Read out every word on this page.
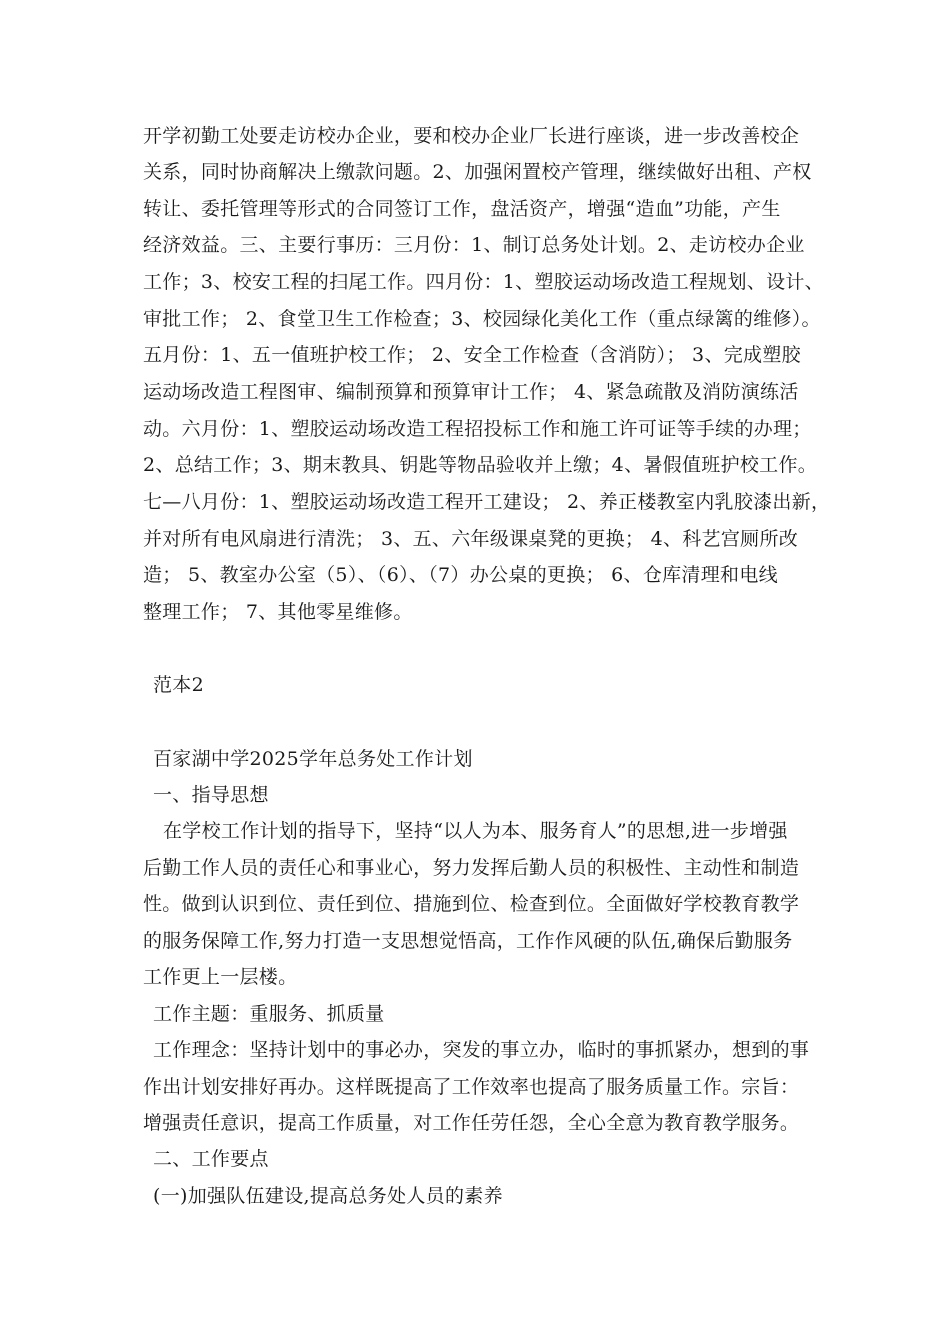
开学初勤工处要走访校办企业，要和校办企业厂长进行座谈，进一步改善校企
关系，同时协商解决上缴款问题。2、加强闲置校产管理，继续做好出租、产权
转让、委托管理等形式的合同签订工作，盘活资产，增强“造血”功能，产生
经济效益。三、主要行事历：三月份：1、制订总务处计划。2、走访校办企业
工作；3、校安工程的扫尾工作。四月份：1、塑胶运动场改造工程规划、设计、
审批工作； 2、食堂卫生工作检查；3、校园绿化美化工作（重点绿篱的维修）。
五月份：1、五一值班护校工作； 2、安全工作检查（含消防）； 3、完成塑胶
运动场改造工程图审、编制预算和预算审计工作； 4、紧急疏散及消防演练活
动。六月份：1、塑胶运动场改造工程招投标工作和施工许可证等手续的办理；
2、总结工作；3、期末教具、钥匙等物品验收并上缴；4、暑假值班护校工作。
七—八月份：1、塑胶运动场改造工程开工建设； 2、养正楼教室内乳胶漆出新，
并对所有电风扇进行清洗； 3、五、六年级课桌凳的更换； 4、科艺宫厕所改
造； 5、教室办公室（5）、（6）、（7）办公桌的更换； 6、仓库清理和电线
整理工作； 7、其他零星维修。
范本2
百家湖中学2025学年总务处工作计划
一、指导思想
在学校工作计划的指导下，坚持“以人为本、服务育人”的思想,进一步增强
后勤工作人员的责任心和事业心，努力发挥后勤人员的积极性、主动性和制造
性。做到认识到位、责任到位、措施到位、检查到位。全面做好学校教育教学
的服务保障工作,努力打造一支思想觉悟高，工作作风硬的队伍,确保后勤服务
工作更上一层楼。
工作主题：重服务、抓质量
工作理念：坚持计划中的事必办，突发的事立办，临时的事抓紧办，想到的事
作出计划安排好再办。这样既提高了工作效率也提高了服务质量工作。宗旨：
增强责任意识，提高工作质量，对工作任劳任怨，全心全意为教育教学服务。
二、工作要点
(一)加强队伍建设,提高总务处人员的素养
